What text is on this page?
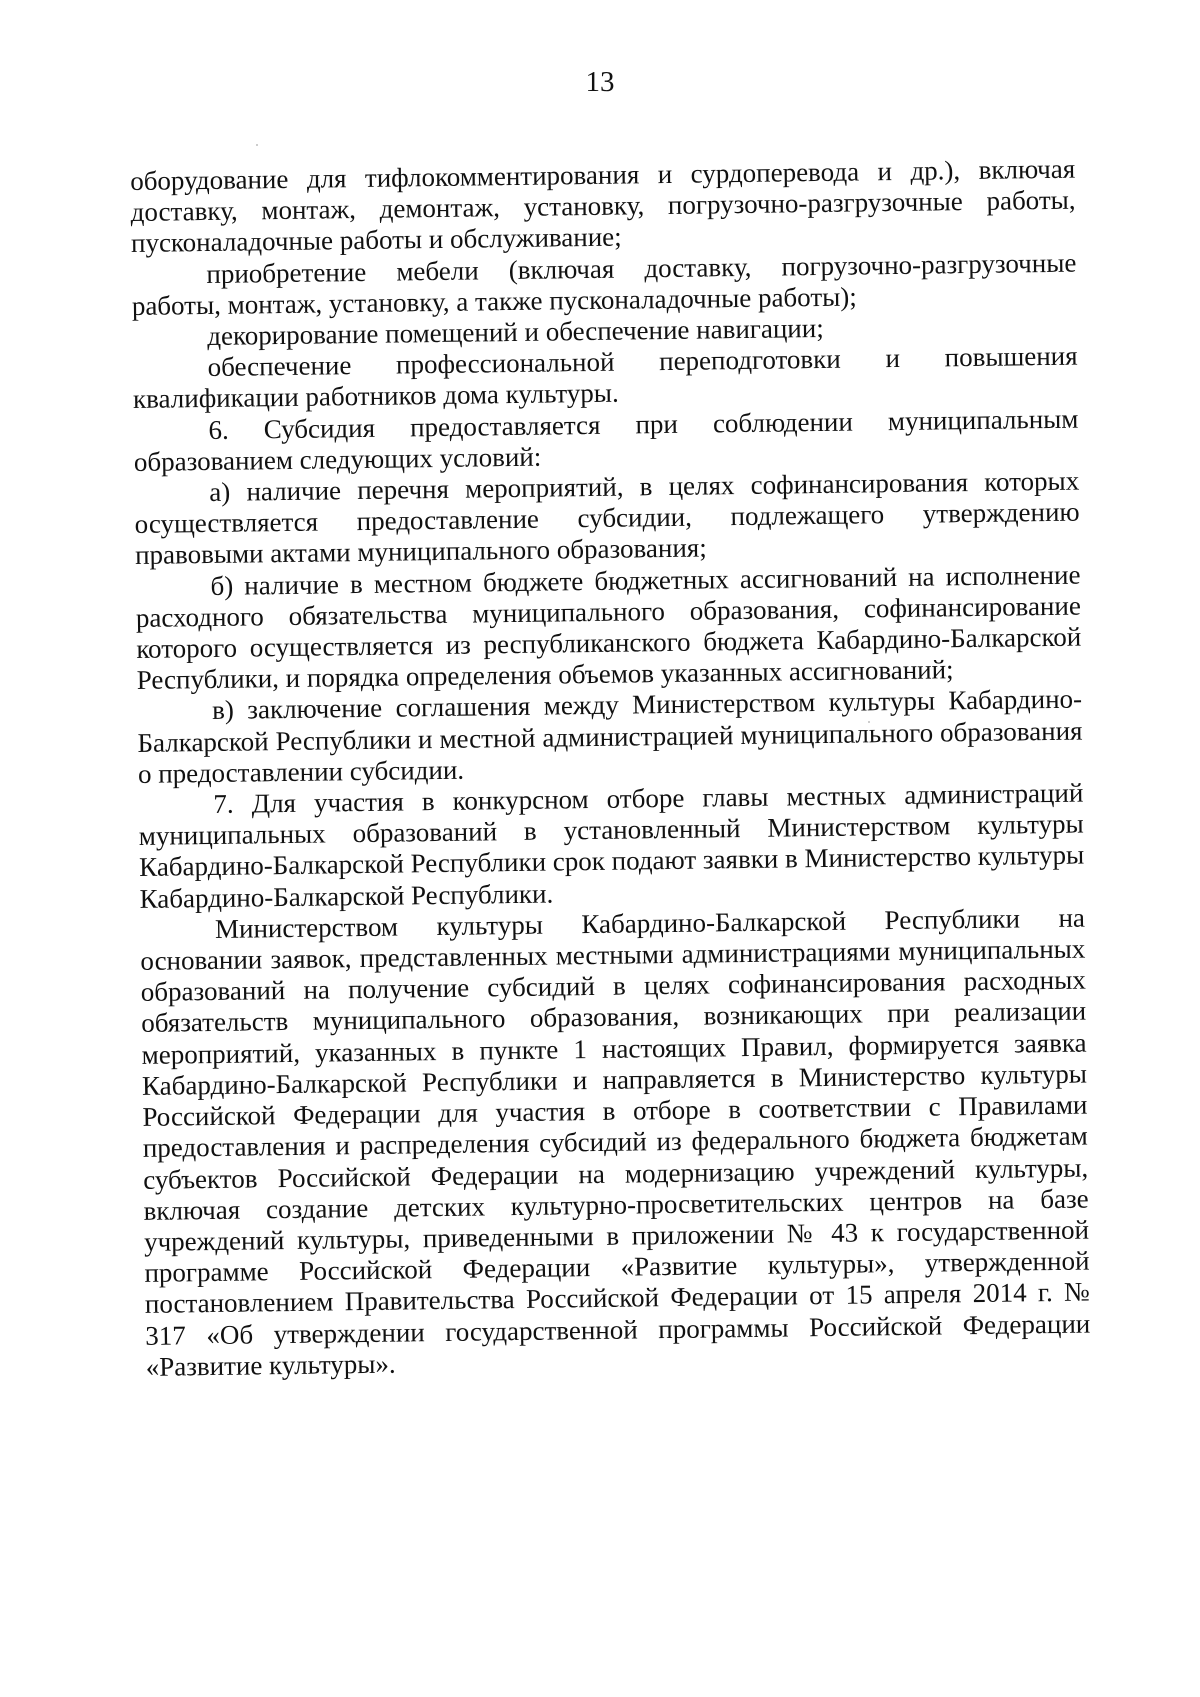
13

оборудование для тифлокомментирования и сурдоперевода и др.), включая доставку, монтаж, демонтаж, установку, погрузочно-разгрузочные работы, пусконаладочные работы и обслуживание;

приобретение мебели (включая доставку, погрузочно-разгрузочные работы, монтаж, установку, а также пусконаладочные работы);

декорирование помещений и обеспечение навигации;

обеспечение профессиональной переподготовки и повышения квалификации работников дома культуры.

6. Субсидия предоставляется при соблюдении муниципальным образованием следующих условий:

а) наличие перечня мероприятий, в целях софинансирования которых осуществляется предоставление субсидии, подлежащего утверждению правовыми актами муниципального образования;

б) наличие в местном бюджете бюджетных ассигнований на исполнение расходного обязательства муниципального образования, софинансирование которого осуществляется из республиканского бюджета Кабардино-Балкарской Республики, и порядка определения объемов указанных ассигнований;

в) заключение соглашения между Министерством культуры Кабардино-Балкарской Республики и местной администрацией муниципального образования о предоставлении субсидии.

7. Для участия в конкурсном отборе главы местных администраций муниципальных образований в установленный Министерством культуры Кабардино-Балкарской Республики срок подают заявки в Министерство культуры Кабардино-Балкарской Республики.

Министерством культуры Кабардино-Балкарской Республики на основании заявок, представленных местными администрациями муниципальных образований на получение субсидий в целях софинансирования расходных обязательств муниципального образования, возникающих при реализации мероприятий, указанных в пункте 1 настоящих Правил, формируется заявка Кабардино-Балкарской Республики и направляется в Министерство культуры Российской Федерации для участия в отборе в соответствии с Правилами предоставления и распределения субсидий из федерального бюджета бюджетам субъектов Российской Федерации на модернизацию учреждений культуры, включая создание детских культурно-просветительских центров на базе учреждений культуры, приведенными в приложении № 43 к государственной программе Российской Федерации «Развитие культуры», утвержденной постановлением Правительства Российской Федерации от 15 апреля 2014 г. № 317 «Об утверждении государственной программы Российской Федерации «Развитие культуры».
